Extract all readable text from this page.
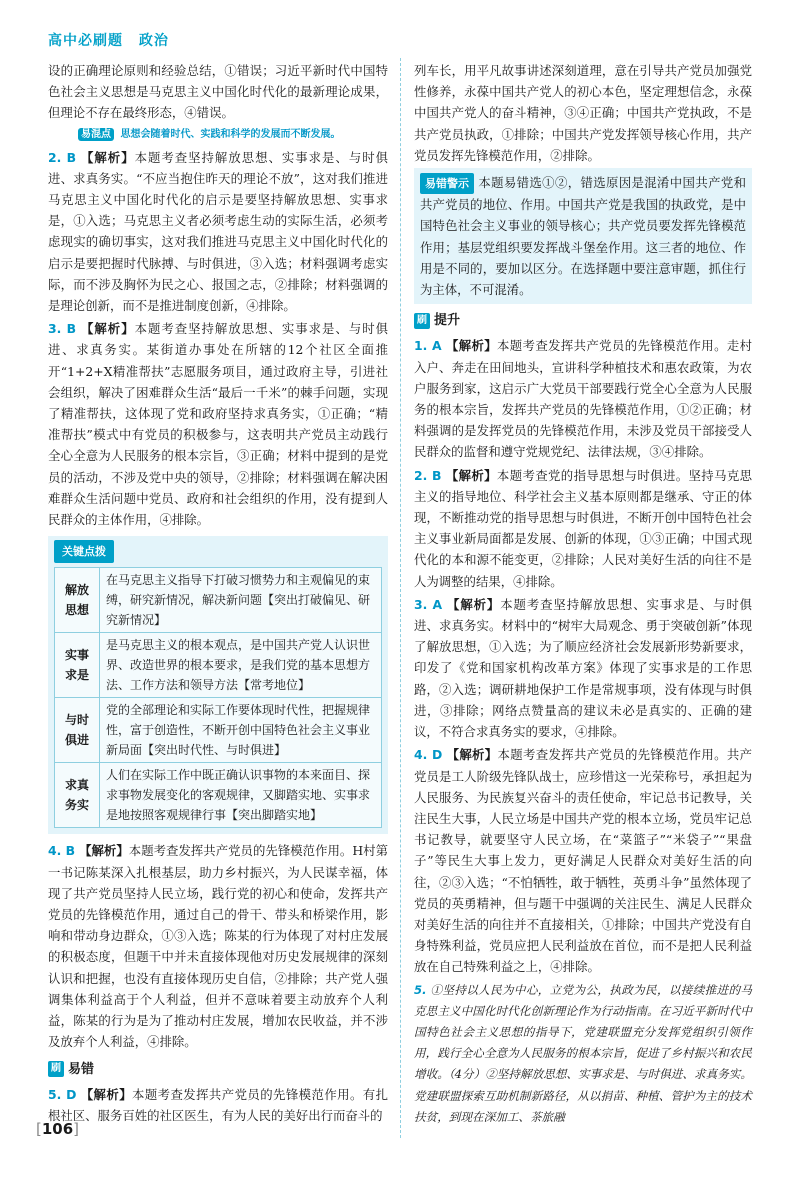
高中必刷题 政治

设的正确理论原则和经验总结，①错误；习近平新时代中国特色社会主义思想是马克思主义中国化时代化的最新理论成果，但理论不存在最终形态，④错误。

易混点 思想会随着时代、实践和科学的发展而不断发展。

2. B 【解析】本题考查坚持解放思想、实事求是、与时俱进、求真务实。“不应当抱住昨天的理论不放”，这对我们推进马克思主义中国化时代化的启示是要坚持解放思想、实事求是，①入选；马克思主义者必须考虑生动的实际生活，必须考虑现实的确切事实，这对我们推进马克思主义中国化时代化的启示是要把握时代脉搏、与时俱进，③入选；材料强调考虑实际，而不涉及胸怀为民之心、报国之志，②排除；材料强调的是理论创新，而不是推进制度创新，④排除。

3. B 【解析】本题考查坚持解放思想、实事求是、与时俱进、求真务实。某街道办事处在所辖的12个社区全面推开“1+2+X精准帮扶”志愿服务项目，通过政府主导，引进社会组织，解决了困难群众生活“最后一千米”的棘手问题，实现了精准帮扶，这体现了党和政府坚持求真务实，①正确；“精准帮扶”模式中有党员的积极参与，这表明共产党员主动践行全心全意为人民服务的根本宗旨，③正确；材料中提到的是党员的活动，不涉及党中央的领导，②排除；材料强调在解决困难群众生活问题中党员、政府和社会组织的作用，没有提到人民群众的主体作用，④排除。

关键点拨
解放思想	在马克思主义指导下打破习惯势力和主观偏见的束缚，研究新情况，解决新问题【突出打破偏见、研究新情况】
实事求是	是马克思主义的根本观点，是中国共产党人认识世界、改造世界的根本要求，是我们党的基本思想方法、工作方法和领导方法【常考地位】
与时俱进	党的全部理论和实际工作要体现时代性，把握规律性，富于创造性，不断开创中国特色社会主义事业新局面【突出时代性、与时俱进】
求真务实	人们在实际工作中既正确认识事物的本来面目、探求事物发展变化的客观规律，又脚踏实地、实事求是地按照客观规律行事【突出脚踏实地】

4. B 【解析】本题考查发挥共产党员的先锋模范作用。H村第一书记陈某深入扎根基层，助力乡村振兴，为人民谋幸福，体现了共产党员坚持人民立场，践行党的初心和使命，发挥共产党员的先锋模范作用，通过自己的骨干、带头和桥梁作用，影响和带动身边群众，①③入选；陈某的行为体现了对村庄发展的积极态度，但题干中并未直接体现他对历史发展规律的深刻认识和把握，也没有直接体现历史自信，②排除；共产党人强调集体利益高于个人利益，但并不意味着要主动放弃个人利益，陈某的行为是为了推动村庄发展，增加农民收益，并不涉及放弃个人利益，④排除。

刷 易错

5. D 【解析】本题考查发挥共产党员的先锋模范作用。有扎根社区、服务百姓的社区医生，有为人民的美好出行而奋斗的

列车长，用平凡故事讲述深刻道理，意在引导共产党员加强党性修养，永葆中国共产党人的初心本色，坚定理想信念，永葆中国共产党人的奋斗精神，③④正确；中国共产党执政，不是共产党员执政，①排除；中国共产党发挥领导核心作用，共产党员发挥先锋模范作用，②排除。

易错警示 本题易错选①②，错选原因是混淆中国共产党和共产党员的地位、作用。中国共产党是我国的执政党，是中国特色社会主义事业的领导核心；共产党员要发挥先锋模范作用；基层党组织要发挥战斗堡垒作用。这三者的地位、作用是不同的，要加以区分。在选择题中要注意审题，抓住行为主体，不可混淆。

刷 提升

1. A 【解析】本题考查发挥共产党员的先锋模范作用。走村入户、奔走在田间地头，宣讲科学种植技术和惠农政策，为农户服务到家，这启示广大党员干部要践行党全心全意为人民服务的根本宗旨，发挥共产党员的先锋模范作用，①②正确；材料强调的是发挥党员的先锋模范作用，未涉及党员干部接受人民群众的监督和遵守党规党纪、法律法规，③④排除。

2. B 【解析】本题考查党的指导思想与时俱进。坚持马克思主义的指导地位、科学社会主义基本原则都是继承、守正的体现，不断推动党的指导思想与时俱进，不断开创中国特色社会主义事业新局面都是发展、创新的体现，①③正确；中国式现代化的本和源不能变更，②排除；人民对美好生活的向往不是人为调整的结果，④排除。

3. A 【解析】本题考查坚持解放思想、实事求是、与时俱进、求真务实。材料中的“树牢大局观念、勇于突破创新”体现了解放思想，①入选；为了顺应经济社会发展新形势新要求，印发了《党和国家机构改革方案》体现了实事求是的工作思路，②入选；调研耕地保护工作是常规事项，没有体现与时俱进，③排除；网络点赞量高的建议未必是真实的、正确的建议，不符合求真务实的要求，④排除。

4. D 【解析】本题考查发挥共产党员的先锋模范作用。共产党员是工人阶级先锋队战士，应珍惜这一光荣称号，承担起为人民服务、为民族复兴奋斗的责任使命，牢记总书记教导，关注民生大事，人民立场是中国共产党的根本立场，党员牢记总书记教导，就要坚守人民立场，在“菜篮子”“米袋子”“果盘子”等民生大事上发力，更好满足人民群众对美好生活的向往，②③入选；“不怕牺牲，敢于牺牲，英勇斗争”虽然体现了党员的英勇精神，但与题干中强调的关注民生、满足人民群众对美好生活的向往并不直接相关，①排除；中国共产党没有自身特殊利益，党员应把人民利益放在首位，而不是把人民利益放在自己特殊利益之上，④排除。

5. ①坚持以人民为中心，立党为公，执政为民，以接续推进的马克思主义中国化时代化创新理论作为行动指南。在习近平新时代中国特色社会主义思想的指导下，党建联盟充分发挥党组织引领作用，践行全心全意为人民服务的根本宗旨，促进了乡村振兴和农民增收。（4分）②坚持解放思想、实事求是、与时俱进、求真务实。党建联盟探索互助机制新路径，从以捐苗、种植、管护为主的技术扶贫，到现在深加工、茶旅融

[106]
